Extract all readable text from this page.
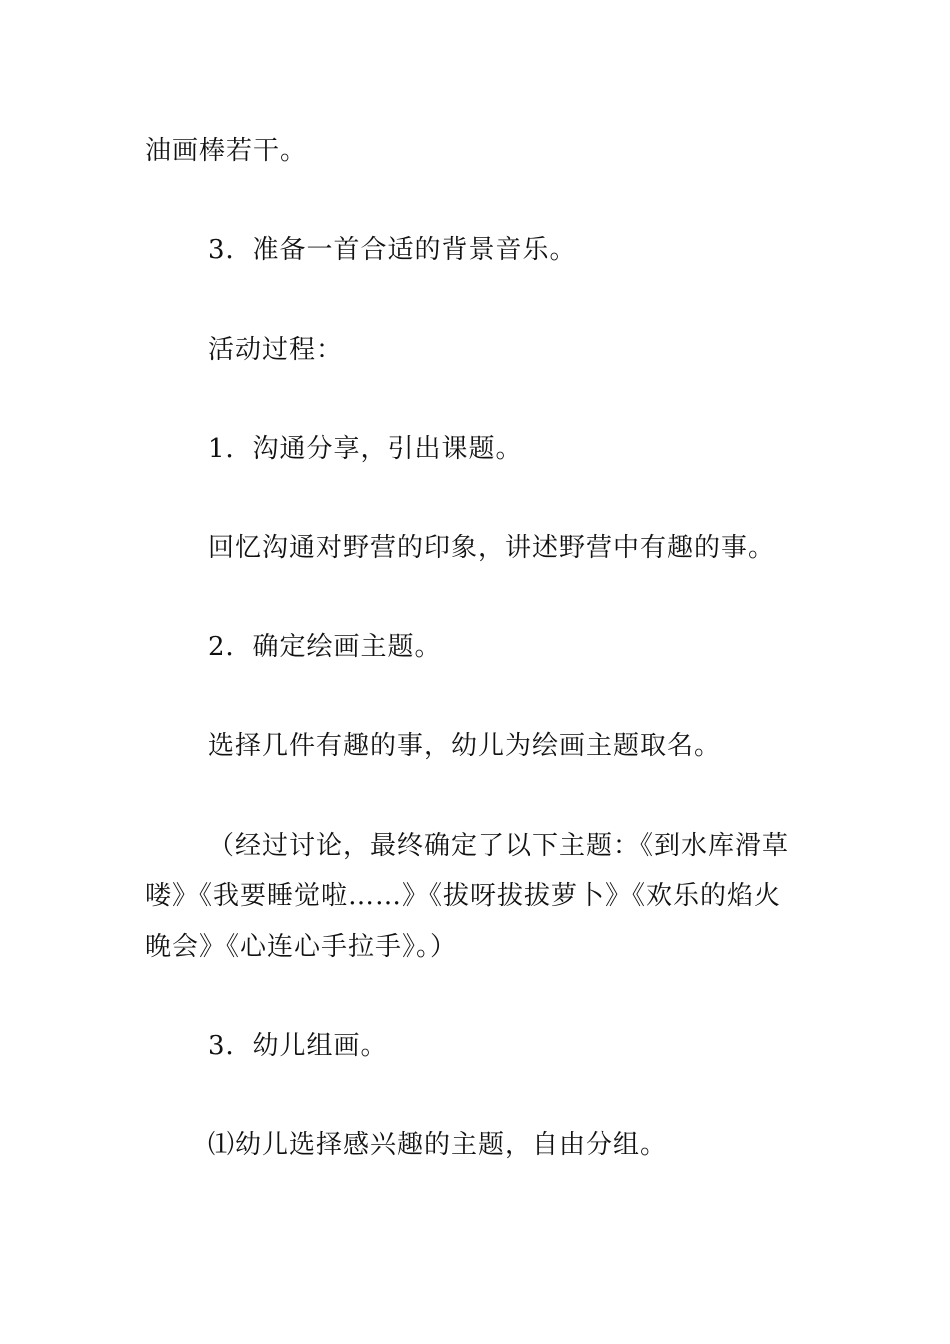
油画棒若干。
3．准备一首合适的背景音乐。
活动过程：
1．沟通分享，引出课题。
回忆沟通对野营的印象，讲述野营中有趣的事。
2．确定绘画主题。
选择几件有趣的事，幼儿为绘画主题取名。
（经过讨论，最终确定了以下主题：《到水库滑草
喽》《我要睡觉啦……》《拔呀拔拔萝卜》《欢乐的焰火
晚会》《心连心手拉手》。）
3．幼儿组画。
⑴幼儿选择感兴趣的主题，自由分组。
